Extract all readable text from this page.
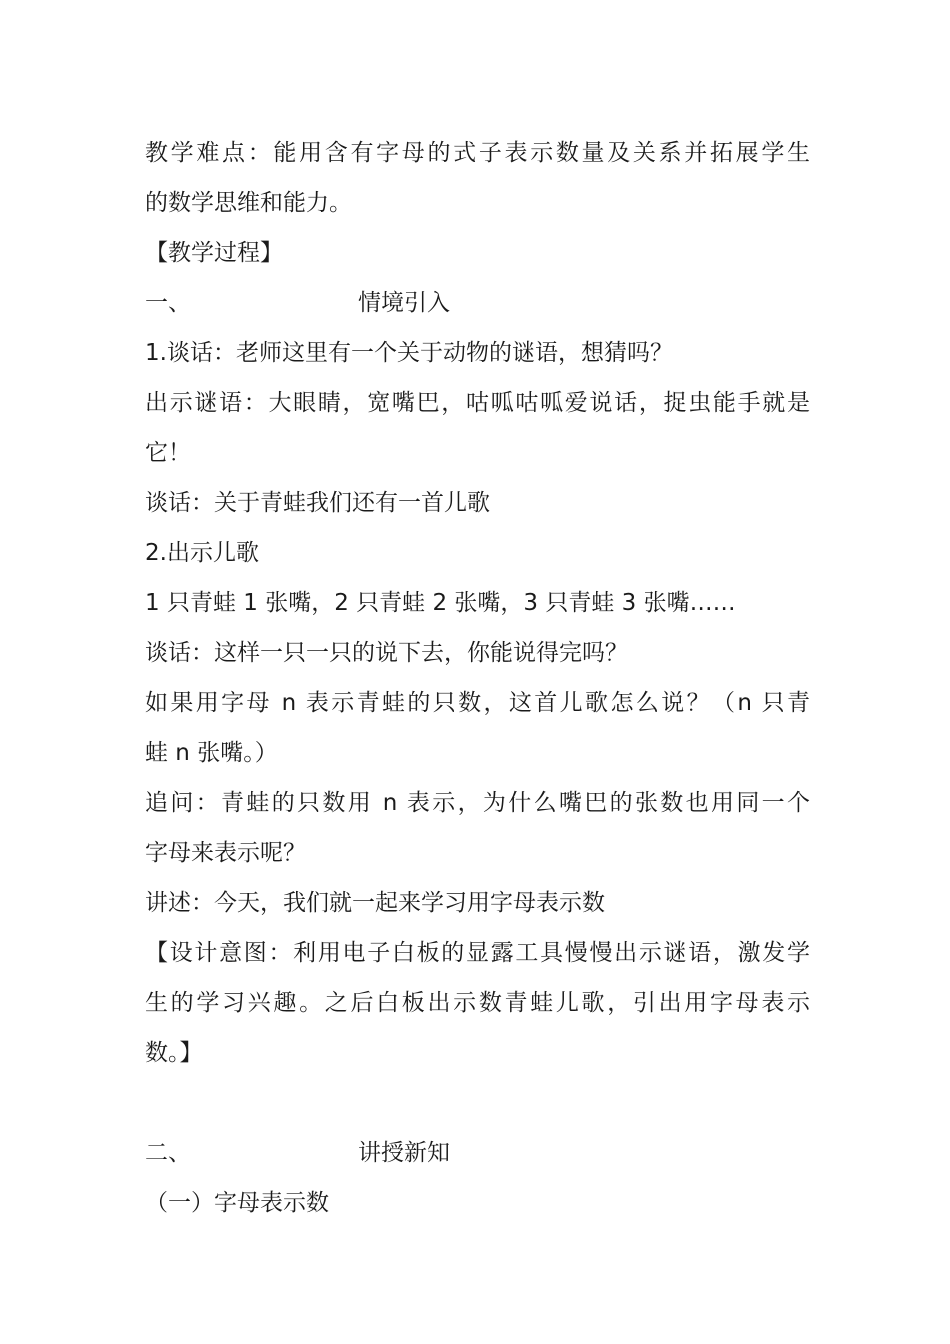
教学难点：能用含有字母的式子表示数量及关系并拓展学生
的数学思维和能力。
【教学过程】
一、	情境引入
1.谈话：老师这里有一个关于动物的谜语，想猜吗？
出示谜语：大眼睛，宽嘴巴，咕呱咕呱爱说话，捉虫能手就是
它！
谈话：关于青蛙我们还有一首儿歌
2.出示儿歌
1 只青蛙 1 张嘴，2 只青蛙 2 张嘴，3 只青蛙 3 张嘴……
谈话：这样一只一只的说下去，你能说得完吗？
如果用字母 n 表示青蛙的只数，这首儿歌怎么说？（n 只青
蛙 n 张嘴。）
追问：青蛙的只数用 n 表示，为什么嘴巴的张数也用同一个
字母来表示呢？
讲述：今天，我们就一起来学习用字母表示数
【设计意图：利用电子白板的显露工具慢慢出示谜语，激发学
生的学习兴趣。之后白板出示数青蛙儿歌，引出用字母表示
数。】
二、	讲授新知
（一）字母表示数
